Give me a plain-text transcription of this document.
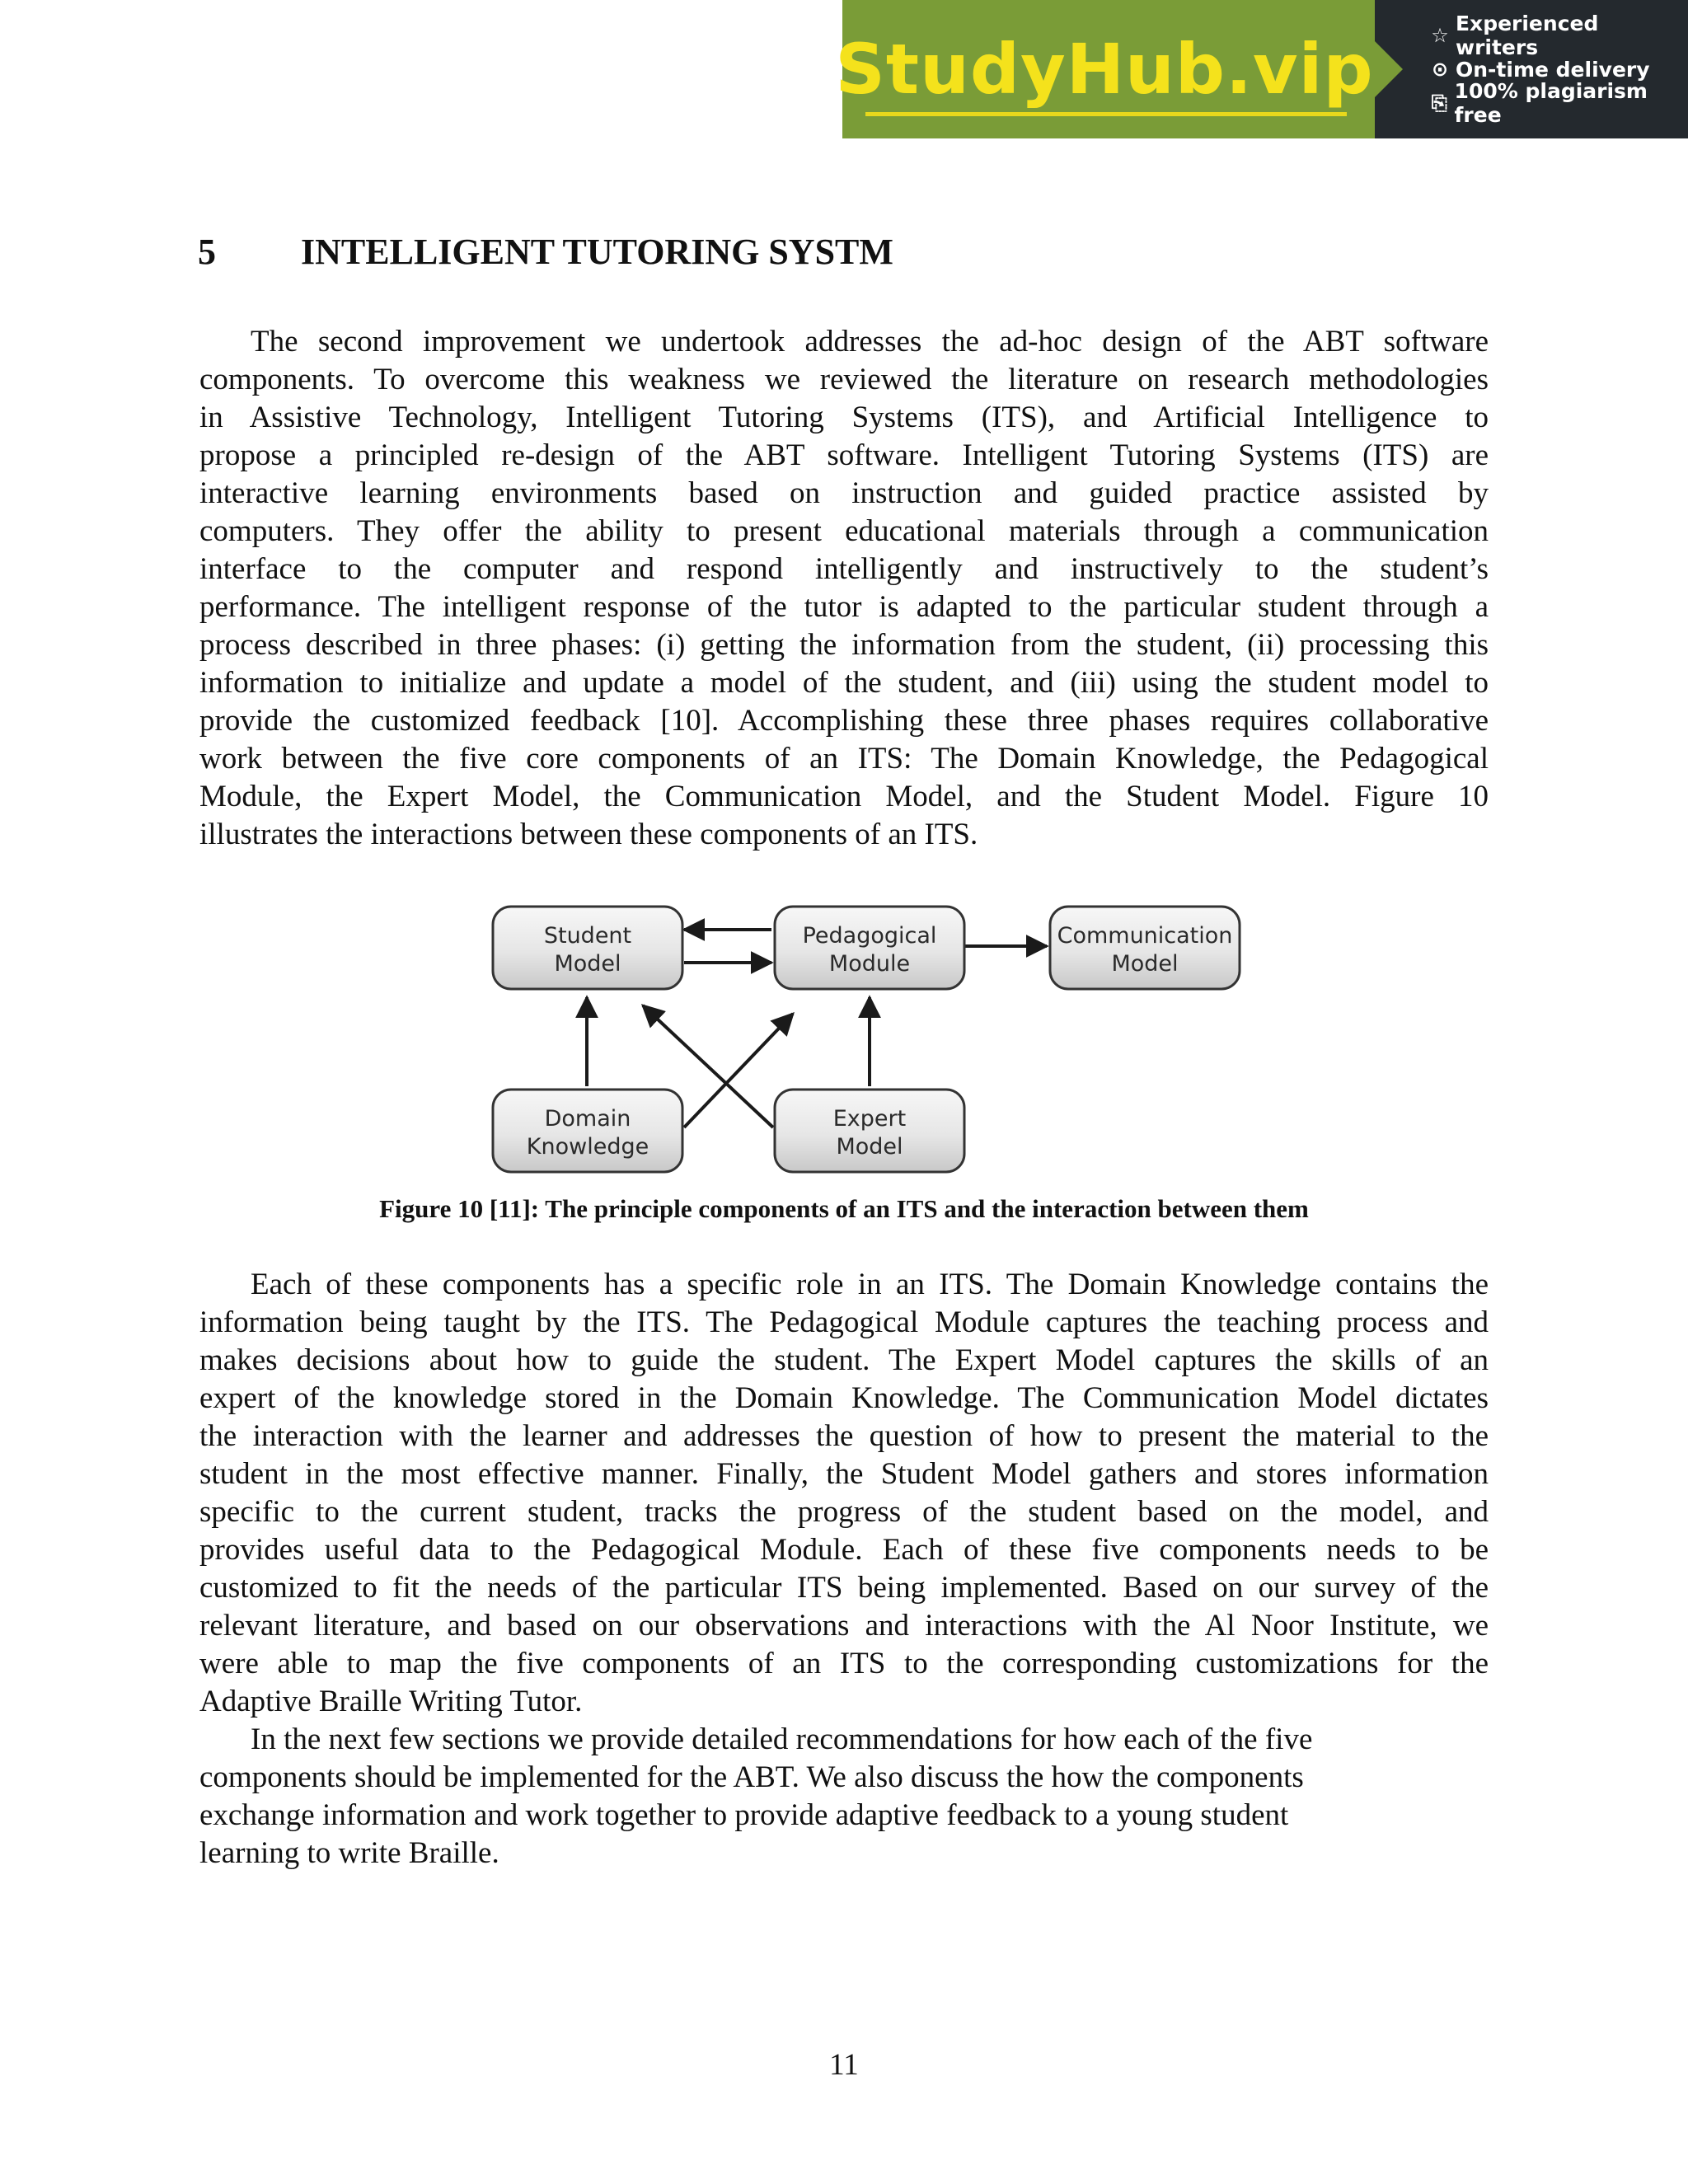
StudyHub.vip	☆ Experienced writers
⊙ On-time delivery
⎘ 100% plagiarism free
5 INTELLIGENT TUTORING SYSTM
The second improvement we undertook addresses the ad-hoc design of the ABT software
components. To overcome this weakness we reviewed the literature on research methodologies
in Assistive Technology, Intelligent Tutoring Systems (ITS), and Artificial Intelligence to
propose a principled re-design of the ABT software. Intelligent Tutoring Systems (ITS) are
interactive learning environments based on instruction and guided practice assisted by
computers. They offer the ability to present educational materials through a communication
interface to the computer and respond intelligently and instructively to the student’s
performance. The intelligent response of the tutor is adapted to the particular student through a
process described in three phases: (i) getting the information from the student, (ii) processing this
information to initialize and update a model of the student, and (iii) using the student model to
provide the customized feedback [10]. Accomplishing these three phases requires collaborative
work between the five core components of an ITS: The Domain Knowledge, the Pedagogical
Module, the Expert Model, the Communication Model, and the Student Model. Figure 10
illustrates the interactions between these components of an ITS.
Student
Model
Pedagogical
Module
Communication
Model
Domain
Knowledge
Expert
Model
Figure 10 [11]: The principle components of an ITS and the interaction between them
Each of these components has a specific role in an ITS. The Domain Knowledge contains the
information being taught by the ITS. The Pedagogical Module captures the teaching process and
makes decisions about how to guide the student. The Expert Model captures the skills of an
expert of the knowledge stored in the Domain Knowledge. The Communication Model dictates
the interaction with the learner and addresses the question of how to present the material to the
student in the most effective manner. Finally, the Student Model gathers and stores information
specific to the current student, tracks the progress of the student based on the model, and
provides useful data to the Pedagogical Module. Each of these five components needs to be
customized to fit the needs of the particular ITS being implemented. Based on our survey of the
relevant literature, and based on our observations and interactions with the Al Noor Institute, we
were able to map the five components of an ITS to the corresponding customizations for the
Adaptive Braille Writing Tutor.
In the next few sections we provide detailed recommendations for how each of the five
components should be implemented for the ABT. We also discuss the how the components
exchange information and work together to provide adaptive feedback to a young student
learning to write Braille.
11
